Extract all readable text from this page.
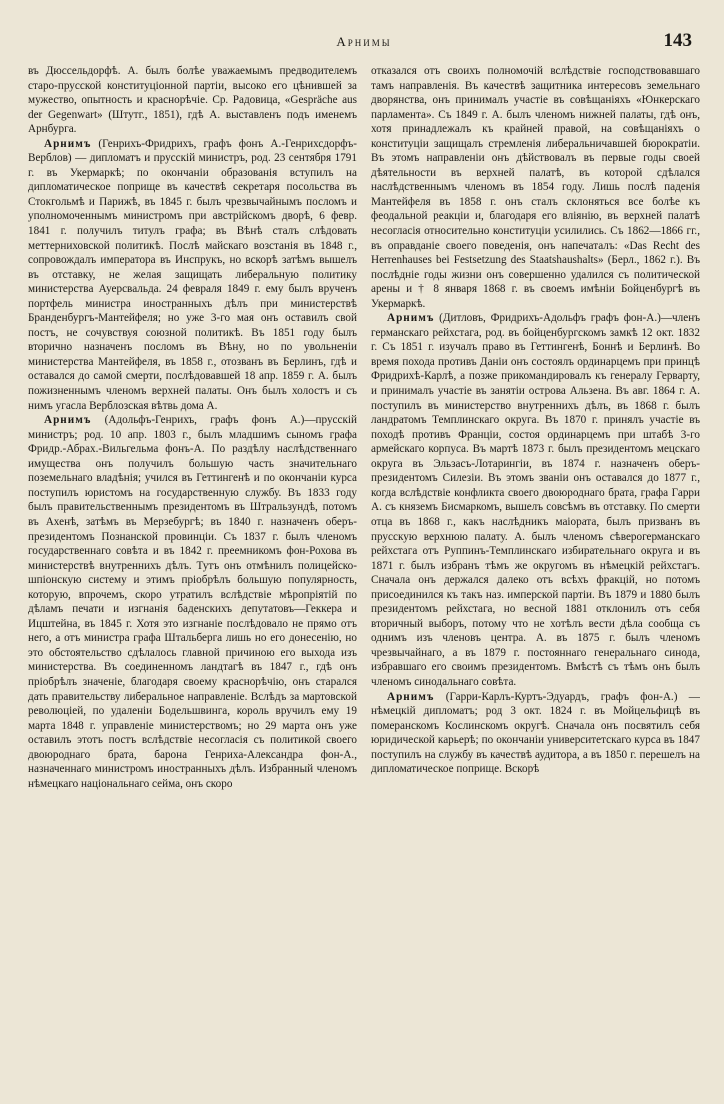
Арнимы	143

въ Дюссельдорфѣ. А. былъ болѣе уважаемымъ предводителемъ старо-прусской конституціонной партіи, высоко его цѣнившей за мужество, опытность и краснорѣчіе. Ср. Радовица, «Gespräche aus der Gegenwart» (Штутг., 1851), гдѣ А. выставленъ подъ именемъ Арнбурга.

Арнимъ (Генрихъ-Фридрихъ, графъ фонъ А.-Генрихсдорфъ-Верблов) — дипломатъ и прусскій министръ, род. 23 сентября 1791 г. въ Укермаркѣ; по окончаніи образованія вступилъ на дипломатическое поприще въ качествѣ секретаря посольства въ Стокгольмѣ и Парижѣ, въ 1845 г. былъ чрезвычайнымъ посломъ и уполномоченнымъ министромъ при австрійскомъ дворѣ, 6 февр. 1841 г. получилъ титулъ графа; въ Вѣнѣ сталъ слѣдовать меттерниховской политикѣ. Послѣ майскаго возстанія въ 1848 г., сопровождалъ императора въ Инспрукъ, но вскорѣ затѣмъ вышелъ въ отставку, не желая защищать либеральную политику министерства Ауерсвальда. 24 февраля 1849 г. ему былъ врученъ портфель министра иностранныхъ дѣлъ при министерствѣ Бранденбургъ-Мантейфеля; но уже 3-го мая онъ оставилъ свой постъ, не сочувствуя союзной политикѣ. Въ 1851 году былъ вторично назначенъ посломъ въ Вѣну, но по увольненіи министерства Мантейфеля, въ 1858 г., отозванъ въ Берлинъ, гдѣ и оставался до самой смерти, послѣдовавшей 18 апр. 1859 г. А. былъ пожизненнымъ членомъ верхней палаты. Онъ былъ холостъ и съ нимъ угасла Верблозская вѣтвь дома А.

Арнимъ (Адольфъ-Генрихъ, графъ фонъ А.)—прусскій министръ; род. 10 апр. 1803 г., былъ младшимъ сыномъ графа Фридр.-Абрах.-Вильгельма фонъ-А. По раздѣлу наслѣдственнаго имущества онъ получилъ большую часть значительнаго поземельнаго владѣнія; учился въ Геттингенѣ и по окончаніи курса поступилъ юристомъ на государственную службу. Въ 1833 году былъ правительственнымъ президентомъ въ Штральзундѣ, потомъ въ Ахенѣ, затѣмъ въ Мерзебургѣ; въ 1840 г. назначенъ оберъ-президентомъ Познанской провинціи. Съ 1837 г. былъ членомъ государственнаго совѣта и въ 1842 г. преемникомъ фон-Рохова въ министерствѣ внутреннихъ дѣлъ. Тутъ онъ отмѣнилъ полицейско-шпіонскую систему и этимъ пріобрѣлъ большую популярность, которую, впрочемъ, скоро утратилъ вслѣдствіе мѣропріятій по дѣламъ печати и изгнанія баденскихъ депутатовъ—Геккера и Ицштейна, въ 1845 г. Хотя это изгнаніе послѣдовало не прямо отъ него, а отъ министра графа Штальберга лишь но его донесенію, но это обстоятельство сдѣлалось главной причиною его выхода изъ министерства. Въ соединенномъ ландтагѣ въ 1847 г., гдѣ онъ пріобрѣлъ значеніе, благодаря своему краснорѣчію, онъ старался дать правительству либеральное направленіе. Вслѣдъ за мартовской революціей, по удаленіи Бодельшвинга, король вручилъ ему 19 марта 1848 г. управленіе министерствомъ; но 29 марта онъ уже оставилъ этотъ постъ вслѣдствіе несогласія съ политикой своего двоюроднаго брата, барона Генриха-Александра фон-А., назначеннаго министромъ иностранныхъ дѣлъ. Избранный членомъ нѣмецкаго національнаго сейма, онъ скоро

отказался отъ своихъ полномочій вслѣдствіе господствовавшаго тамъ направленія. Въ качествѣ защитника интересовъ земельнаго дворянства, онъ принималъ участіе въ совѣщаніяхъ «Юнкерскаго парламента». Съ 1849 г. А. былъ членомъ нижней палаты, гдѣ онъ, хотя принадлежалъ къ крайней правой, на совѣщаніяхъ о конституціи защищалъ стремленія либеральничавшей бюрократіи. Въ этомъ направленіи онъ дѣйствовалъ въ первые годы своей дѣятельности въ верхней палатѣ, въ которой сдѣлался наслѣдственнымъ членомъ въ 1854 году. Лишь послѣ паденія Мантейфеля въ 1858 г. онъ сталъ склоняться все болѣе къ феодальной реакціи и, благодаря его вліянію, въ верхней палатѣ несогласія относительно конституціи усилились. Съ 1862—1866 гг., въ оправданіе своего поведенія, онъ напечаталъ: «Das Recht des Herrenhauses bei Festsetzung des Staatshaushalts» (Берл., 1862 г.). Въ послѣдніе годы жизни онъ совершенно удалился съ политической арены и † 8 января 1868 г. въ своемъ имѣніи Бойценбургѣ въ Укермаркѣ.

Арнимъ (Дитловъ, Фридрихъ-Адольфъ графъ фон-А.)—членъ германскаго рейхстага, род. въ бойценбургскомъ замкѣ 12 окт. 1832 г. Съ 1851 г. изучалъ право въ Геттингенѣ, Боннѣ и Берлинѣ. Во время похода противъ Даніи онъ состоялъ ординарцемъ при принцѣ Фридрихѣ-Карлѣ, а позже прикомандировалъ къ генералу Герварту, и принималъ участіе въ занятіи острова Альзена. Въ авг. 1864 г. А. поступилъ въ министерство внутреннихъ дѣлъ, въ 1868 г. былъ ландратомъ Темплинскаго округа. Въ 1870 г. принялъ участіе въ походѣ противъ Франціи, состоя ординарцемъ при штабѣ 3-го армейскаго корпуса. Въ мартѣ 1873 г. былъ президентомъ мецскаго округа въ Эльзасъ-Лотарингіи, въ 1874 г. назначенъ оберъ-президентомъ Силезіи. Въ этомъ званіи онъ оставался до 1877 г., когда вслѣдствіе конфликта своего двоюроднаго брата, графа Гарри А. съ княземъ Бисмаркомъ, вышелъ совсѣмъ въ отставку. По смерти отца въ 1868 г., какъ наслѣдникъ маіората, былъ призванъ въ прусскую верхнюю палату. А. былъ членомъ сѣверогерманскаго рейхстага отъ Руппинъ-Темплинскаго избирательнаго округа и въ 1871 г. былъ избранъ тѣмъ же округомъ въ нѣмецкій рейхстагъ. Сначала онъ держался далеко отъ всѣхъ фракцій, но потомъ присоединился къ такъ наз. имперской партіи. Въ 1879 и 1880 былъ президентомъ рейхстага, но весной 1881 отклонилъ отъ себя вторичный выборъ, потому что не хотѣлъ вести дѣла сообща съ однимъ изъ членовъ центра. А. въ 1875 г. былъ членомъ чрезвычайнаго, а въ 1879 г. постояннаго генеральнаго синода, избравшаго его своимъ президентомъ. Вмѣстѣ съ тѣмъ онъ былъ членомъ синодальнаго совѣта.

Арнимъ (Гарри-Карлъ-Куртъ-Эдуардъ, графъ фон-А.) — нѣмецкій дипломатъ; род 3 окт. 1824 г. въ Мойцельфицѣ въ померанскомъ Кослинскомъ округѣ. Сначала онъ посвятилъ себя юридической карьерѣ; по окончаніи университетскаго курса въ 1847 поступилъ на службу въ качествѣ аудитора, а въ 1850 г. перешелъ на дипломатическое поприще. Вскорѣ
